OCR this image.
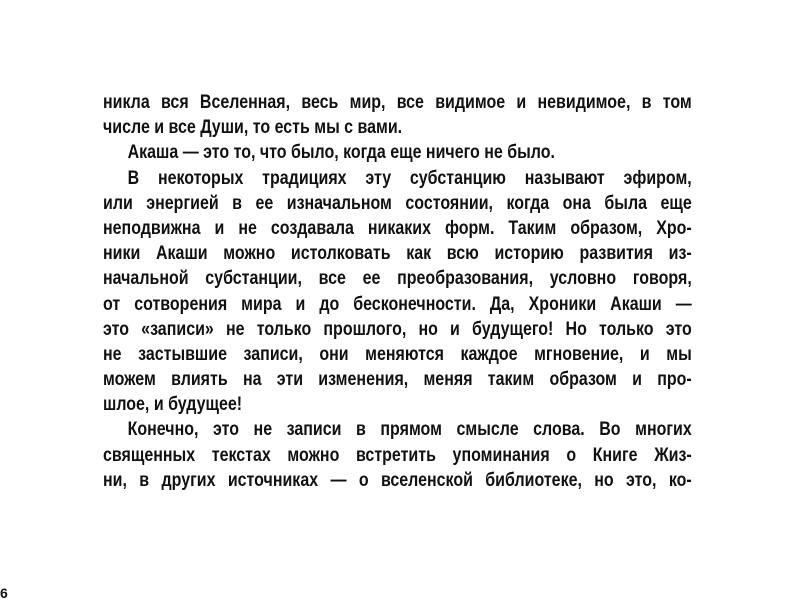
никла вся Вселенная, весь мир, все видимое и невидимое, в том
числе и все Души, то есть мы с вами.
Акаша — это то, что было, когда еще ничего не было.
В некоторых традициях эту субстанцию называют эфиром,
или энергией в ее изначальном состоянии, когда она была еще
неподвижна и не создавала никаких форм. Таким образом, Хро-
ники Акаши можно истолковать как всю историю развития из-
начальной субстанции, все ее преобразования, условно говоря,
от сотворения мира и до бесконечности. Да, Хроники Акаши —
это «записи» не только прошлого, но и будущего! Но только это
не застывшие записи, они меняются каждое мгновение, и мы
можем влиять на эти изменения, меняя таким образом и про-
шлое, и будущее!
Конечно, это не записи в прямом смысле слова. Во многих
священных текстах можно встретить упоминания о Книге Жиз-
ни, в других источниках — о вселенской библиотеке, но это, ко-
6
